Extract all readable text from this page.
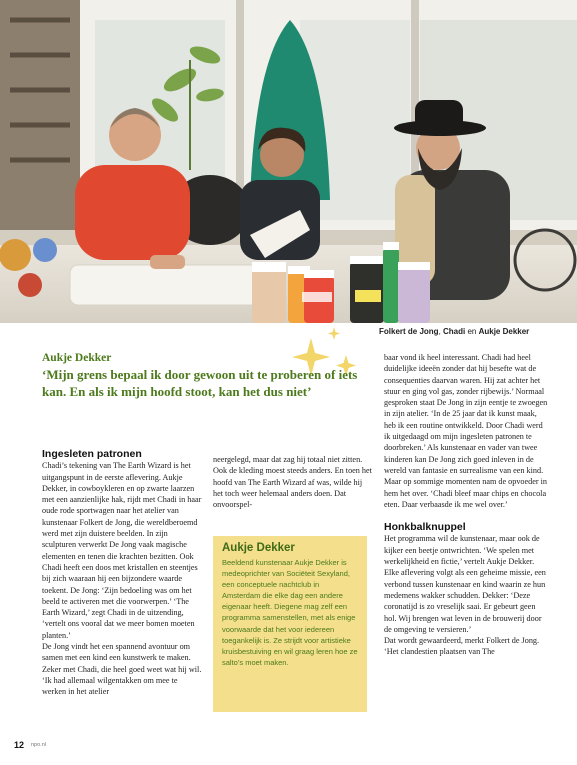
Folkert de Jong, Chadi en Aukje Dekker

Aukje Dekker

‘Mijn grens bepaal ik door gewoon uit te proberen of iets kan. En als ik mijn hoofd stoot, kan het dus niet’

Ingesleten patronen

Chadi’s tekening van The Earth Wizard is het uitgangspunt in de eerste aflevering. Aukje Dekker, in cowboykleren en op zwarte laarzen met een aanzienlijke hak, rijdt met Chadi in haar oude rode sportwagen naar het atelier van kunstenaar Folkert de Jong, die wereldberoemd werd met zijn duistere beelden. In zijn sculpturen verwerkt De Jong vaak magische elementen en tenen die krachten bezitten. Ook Chadi heeft een doos met kristallen en steentjes bij zich waaraan hij een bijzondere waarde toekent. De Jong: ‘Zijn bedoeling was om het beeld te activeren met die voorwerpen.’ ‘The Earth Wizard,’ zegt Chadi in de uitzending, ‘vertelt ons vooral dat we meer bomen moeten planten.’

De Jong vindt het een spannend avontuur om samen met een kind een kunstwerk te maken. Zeker met Chadi, die heel goed weet wat hij wil. ‘Ik had allemaal wilgentakken om mee te werken in het atelier

neergelegd, maar dat zag hij totaal niet zitten. Ook de kleding moest steeds anders. En toen het hoofd van The Earth Wizard af was, wilde hij het toch weer helemaal anders doen. Dat onvoorspel-

Aukje Dekker

Beeldend kunstenaar Aukje Dekker is medeoprichter van Sociëteit Sexyland, een conceptuele nachtclub in Amsterdam die elke dag een andere eigenaar heeft. Diegene mag zelf een programma samenstellen, met als enige voorwaarde dat het voor iedereen toegankelijk is. Ze strijdt voor artistieke kruisbestuiving en wil graag leren hoe ze salto’s moet maken.

baar vond ik heel interessant. Chadi had heel duidelijke ideeën zonder dat hij besefte wat de consequenties daarvan waren. Hij zat achter het stuur en ging vol gas, zonder rijbewijs.’ Normaal gesproken staat De Jong in zijn eentje te zwoegen in zijn atelier. ‘In de 25 jaar dat ik kunst maak, heb ik een routine ontwikkeld. Door Chadi werd ik uitgedaagd om mijn ingesleten patronen te doorbreken.’ Als kunstenaar en vader van twee kinderen kan De Jong zich goed inleven in de wereld van fantasie en surrealisme van een kind. Maar op sommige momenten nam de opvoeder in hem het over. ‘Chadi bleef maar chips en chocola eten. Daar verbaasde ik me wel over.’

Honkbalknuppel

Het programma wil de kunstenaar, maar ook de kijker een beetje ontwrichten. ‘We spelen met werkelijkheid en fictie,’ vertelt Aukje Dekker. Elke aflevering volgt als een geheime missie, een verbond tussen kunstenaar en kind waarin ze hun medemens wakker schudden. Dekker: ‘Deze coronatijd is zo vreselijk saai. Er gebeurt geen hol. Wij brengen wat leven in de brouwerij door de omgeving te versieren.’

Dat wordt gewaardeerd, merkt Folkert de Jong. ‘Het clandestien plaatsen van The

12 npo.nl
